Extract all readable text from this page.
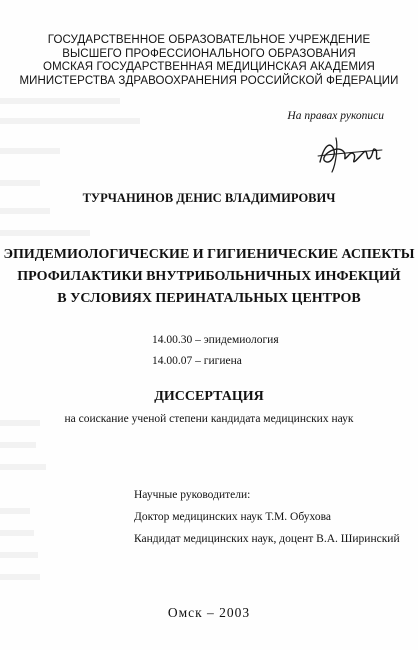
ГОСУДАРСТВЕННОЕ ОБРАЗОВАТЕЛЬНОЕ УЧРЕЖДЕНИЕ
ВЫСШЕГО ПРОФЕССИОНАЛЬНОГО ОБРАЗОВАНИЯ
ОМСКАЯ ГОСУДАРСТВЕННАЯ МЕДИЦИНСКАЯ АКАДЕМИЯ
МИНИСТЕРСТВА ЗДРАВООХРАНЕНИЯ РОССИЙСКОЙ ФЕДЕРАЦИИ
На правах рукописи
ТУРЧАНИНОВ ДЕНИС ВЛАДИМИРОВИЧ
ЭПИДЕМИОЛОГИЧЕСКИЕ И ГИГИЕНИЧЕСКИЕ АСПЕКТЫ
ПРОФИЛАКТИКИ ВНУТРИБОЛЬНИЧНЫХ ИНФЕКЦИЙ
В УСЛОВИЯХ ПЕРИНАТАЛЬНЫХ ЦЕНТРОВ
14.00.30 – эпидемиология
14.00.07 – гигиена
ДИССЕРТАЦИЯ
на соискание ученой степени кандидата медицинских наук
Научные руководители:
Доктор медицинских наук Т.М. Обухова
Кандидат медицинских наук, доцент В.А. Ширинский
Омск – 2003
